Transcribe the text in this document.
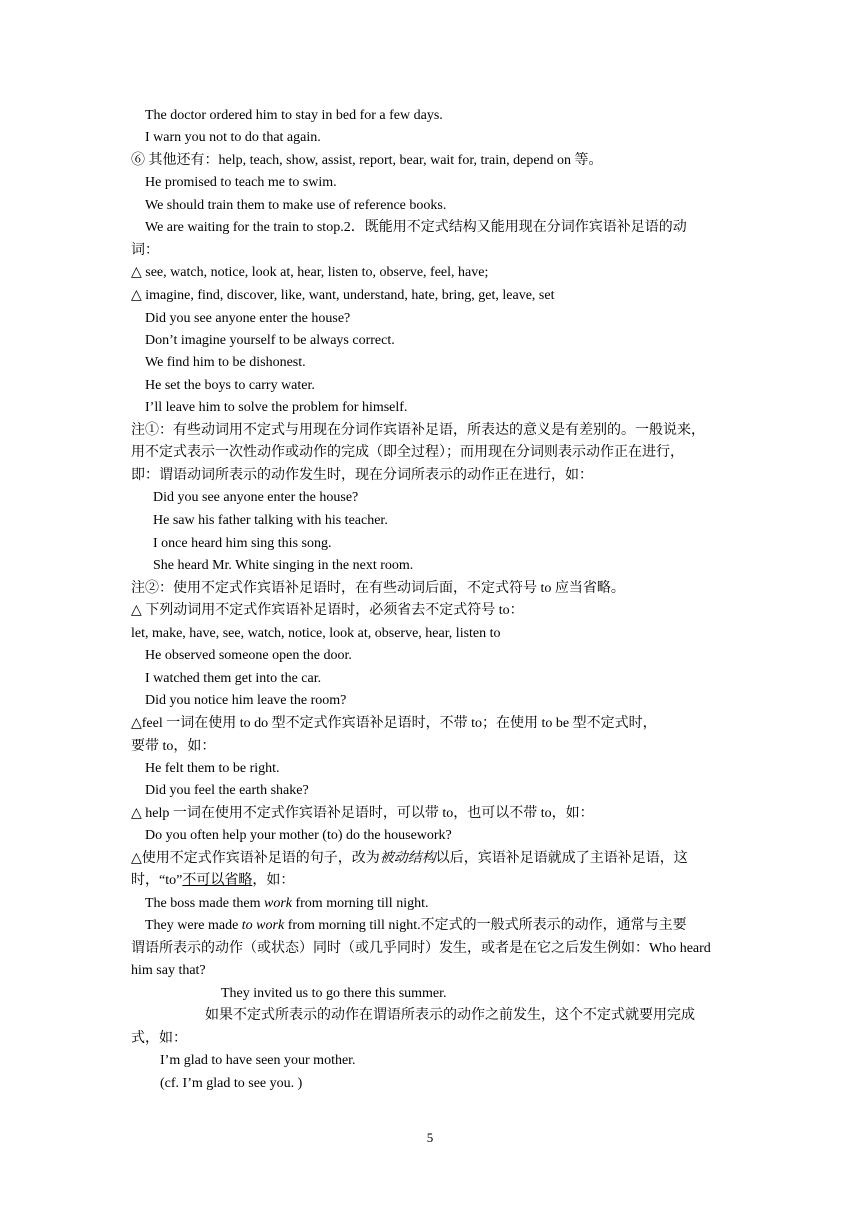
The doctor ordered him to stay in bed for a few days.
I warn you not to do that again.
⑥ 其他还有：help, teach, show, assist, report, bear, wait for, train, depend on 等。
He promised to teach me to swim.
We should train them to make use of reference books.
We are waiting for the train to stop.2．既能用不定式结构又能用现在分词作宾语补足语的动
词：
△ see, watch, notice, look at, hear, listen to, observe, feel, have;
△ imagine, find, discover, like, want, understand, hate, bring, get, leave, set
Did you see anyone enter the house?
Don’t imagine yourself to be always correct.
We find him to be dishonest.
He set the boys to carry water.
I’ll leave him to solve the problem for himself.
注①：有些动词用不定式与用现在分词作宾语补足语，所表达的意义是有差别的。一般说来，
用不定式表示一次性动作或动作的完成（即全过程）；而用现在分词则表示动作正在进行，
即：谓语动词所表示的动作发生时，现在分词所表示的动作正在进行，如：
Did you see anyone enter the house?
He saw his father talking with his teacher.
I once heard him sing this song.
She heard Mr. White singing in the next room.
注②：使用不定式作宾语补足语时，在有些动词后面，不定式符号 to 应当省略。
△ 下列动词用不定式作宾语补足语时，必须省去不定式符号 to：
let, make, have, see, watch, notice, look at, observe, hear, listen to
He observed someone open the door.
I watched them get into the car.
Did you notice him leave the room?
△feel 一词在使用 to do 型不定式作宾语补足语时，不带 to；在使用 to be 型不定式时，
要带 to，如：
He felt them to be right.
Did you feel the earth shake?
△ help 一词在使用不定式作宾语补足语时，可以带 to，也可以不带 to，如：
Do you often help your mother (to) do the housework?
△使用不定式作宾语补足语的句子，改为被动结构以后，宾语补足语就成了主语补足语，这
时，“to”不可以省略，如：
The boss made them work from morning till night.
They were made to work from morning till night.不定式的一般式所表示的动作，通常与主要
谓语所表示的动作（或状态）同时（或几乎同时）发生，或者是在它之后发生例如：Who heard
him say that?
They invited us to go there this summer.
如果不定式所表示的动作在谓语所表示的动作之前发生，这个不定式就要用完成
式，如：
I’m glad to have seen your mother.
(cf. I’m glad to see you. )
5
